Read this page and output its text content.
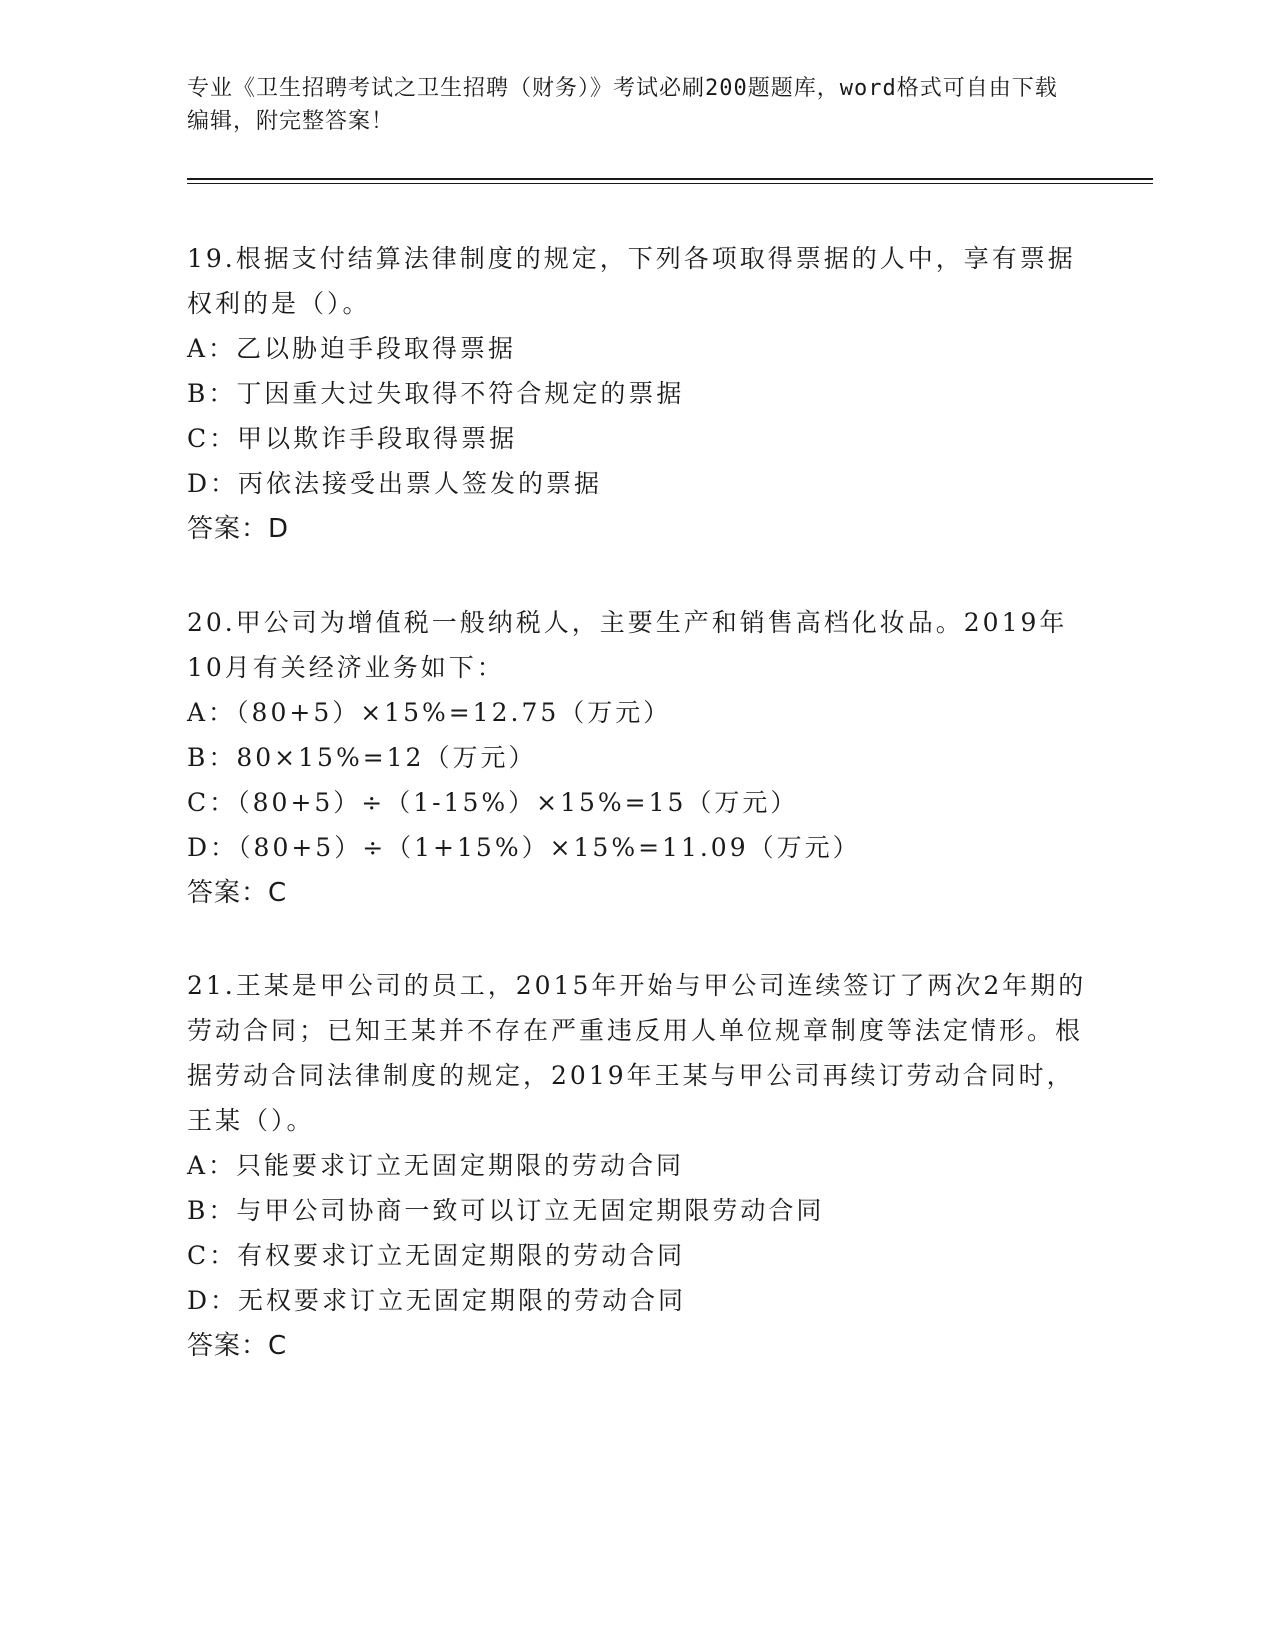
专业《卫生招聘考试之卫生招聘（财务）》考试必刷200题题库，word格式可自由下载编辑，附完整答案！

19.根据支付结算法律制度的规定，下列各项取得票据的人中，享有票据权利的是（）。

A：乙以胁迫手段取得票据

B：丁因重大过失取得不符合规定的票据

C：甲以欺诈手段取得票据

D：丙依法接受出票人签发的票据

答案：D

20.甲公司为增值税一般纳税人，主要生产和销售高档化妆品。2019年10月有关经济业务如下：

A：（80+5）×15%=12.75（万元）

B：80×15%=12（万元）

C：（80+5）÷（1-15%）×15%=15（万元）

D：（80+5）÷（1+15%）×15%=11.09（万元）

答案：C

21.王某是甲公司的员工，2015年开始与甲公司连续签订了两次2年期的劳动合同；已知王某并不存在严重违反用人单位规章制度等法定情形。根据劳动合同法律制度的规定，2019年王某与甲公司再续订劳动合同时，王某（）。

A：只能要求订立无固定期限的劳动合同

B：与甲公司协商一致可以订立无固定期限劳动合同

C：有权要求订立无固定期限的劳动合同

D：无权要求订立无固定期限的劳动合同

答案：C
